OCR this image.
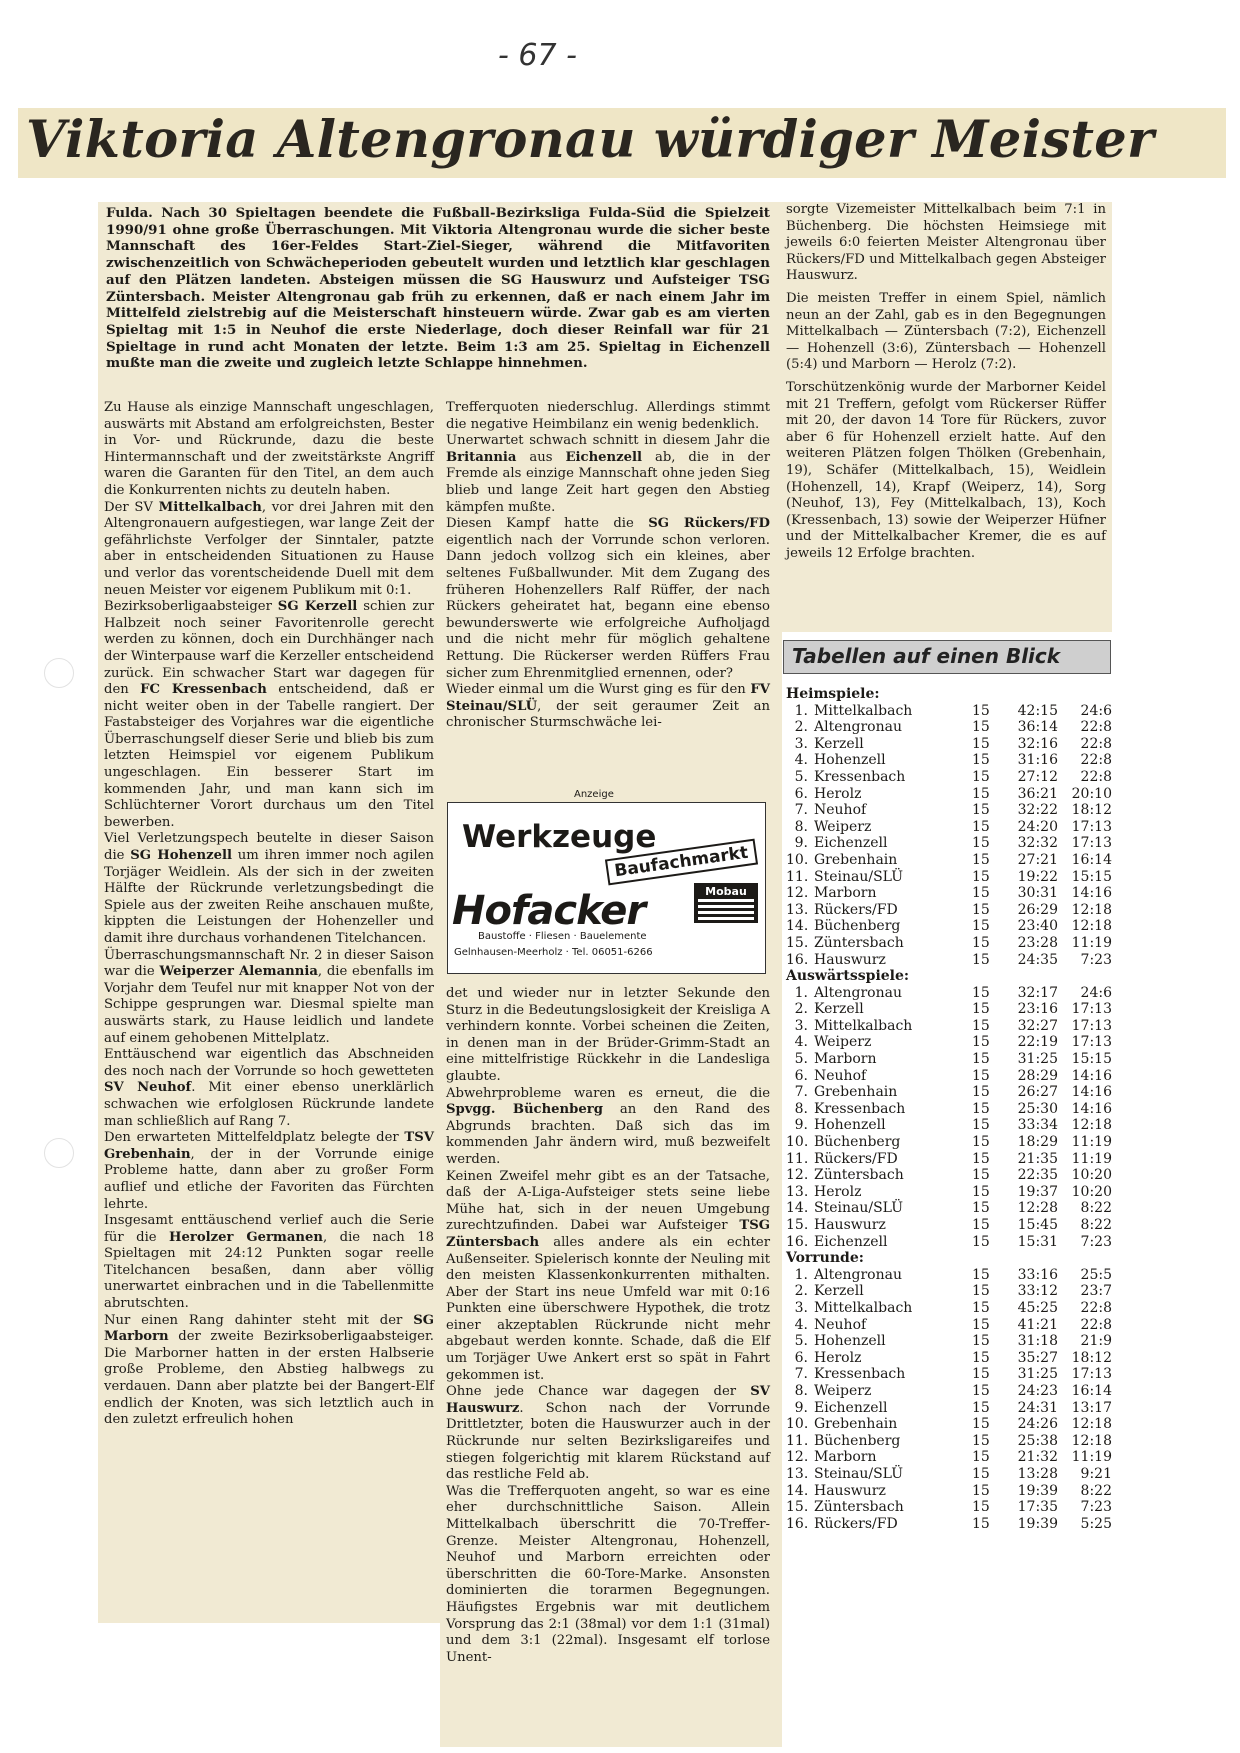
- 67 -
Viktoria Altengronau würdiger Meister

Fulda. Nach 30 Spieltagen beendete die Fußball-Bezirksliga Fulda-Süd die Spielzeit 1990/91 ohne große Überraschungen. Mit Viktoria Altengronau wurde die sicher beste Mannschaft des 16er-Feldes Start-Ziel-Sieger, während die Mitfavoriten zwischenzeitlich von Schwächeperioden gebeutelt wurden und letztlich klar geschlagen auf den Plätzen landeten. Absteigen müssen die SG Hauswurz und Aufsteiger TSG Züntersbach. Meister Altengronau gab früh zu erkennen, daß er nach einem Jahr im Mittelfeld zielstrebig auf die Meisterschaft hinsteuern würde. Zwar gab es am vierten Spieltag mit 1:5 in Neuhof die erste Niederlage, doch dieser Reinfall war für 21 Spieltage in rund acht Monaten der letzte. Beim 1:3 am 25. Spieltag in Eichenzell mußte man die zweite und zugleich letzte Schlappe hinnehmen.

Zu Hause als einzige Mannschaft ungeschlagen, auswärts mit Abstand am erfolgreichsten, Bester in Vor- und Rückrunde, dazu die beste Hintermannschaft und der zweitstärkste Angriff waren die Garanten für den Titel, an dem auch die Konkurrenten nichts zu deuteln haben.

Der SV Mittelkalbach, vor drei Jahren mit den Altengronauern aufgestiegen, war lange Zeit der gefährlichste Verfolger der Sinntaler, patzte aber in entscheidenden Situationen zu Hause und verlor das vorentscheidende Duell mit dem neuen Meister vor eigenem Publikum mit 0:1.

Bezirksoberligaabsteiger SG Kerzell schien zur Halbzeit noch seiner Favoritenrolle gerecht werden zu können, doch ein Durchhänger nach der Winterpause warf die Kerzeller entscheidend zurück. Ein schwacher Start war dagegen für den FC Kressenbach entscheidend, daß er nicht weiter oben in der Tabelle rangiert. Der Fastabsteiger des Vorjahres war die eigentliche Überraschungself dieser Serie und blieb bis zum letzten Heimspiel vor eigenem Publikum ungeschlagen. Ein besserer Start im kommenden Jahr, und man kann sich im Schlüchterner Vorort durchaus um den Titel bewerben.

Viel Verletzungspech beutelte in dieser Saison die SG Hohenzell um ihren immer noch agilen Torjäger Weidlein. Als der sich in der zweiten Hälfte der Rückrunde verletzungsbedingt die Spiele aus der zweiten Reihe anschauen mußte, kippten die Leistungen der Hohenzeller und damit ihre durchaus vorhandenen Titelchancen.

Überraschungsmannschaft Nr. 2 in dieser Saison war die Weiperzer Alemannia, die ebenfalls im Vorjahr dem Teufel nur mit knapper Not von der Schippe gesprungen war. Diesmal spielte man auswärts stark, zu Hause leidlich und landete auf einem gehobenen Mittelplatz.

Enttäuschend war eigentlich das Abschneiden des noch nach der Vorrunde so hoch gewetteten SV Neuhof. Mit einer ebenso unerklärlich schwachen wie erfolglosen Rückrunde landete man schließlich auf Rang 7.

Den erwarteten Mittelfeldplatz belegte der TSV Grebenhain, der in der Vorrunde einige Probleme hatte, dann aber zu großer Form auflief und etliche der Favoriten das Fürchten lehrte.

Insgesamt enttäuschend verlief auch die Serie für die Herolzer Germanen, die nach 18 Spieltagen mit 24:12 Punkten sogar reelle Titelchancen besaßen, dann aber völlig unerwartet einbrachen und in die Tabellenmitte abrutschten.

Nur einen Rang dahinter steht mit der SG Marborn der zweite Bezirksoberligaabsteiger. Die Marborner hatten in der ersten Halbserie große Probleme, den Abstieg halbwegs zu verdauen. Dann aber platzte bei der Bangert-Elf endlich der Knoten, was sich letztlich auch in den zuletzt erfreulich hohen

Trefferquoten niederschlug. Allerdings stimmt die negative Heimbilanz ein wenig bedenklich.

Unerwartet schwach schnitt in diesem Jahr die Britannia aus Eichenzell ab, die in der Fremde als einzige Mannschaft ohne jeden Sieg blieb und lange Zeit hart gegen den Abstieg kämpfen mußte.

Diesen Kampf hatte die SG Rückers/FD eigentlich nach der Vorrunde schon verloren. Dann jedoch vollzog sich ein kleines, aber seltenes Fußballwunder. Mit dem Zugang des früheren Hohenzellers Ralf Rüffer, der nach Rückers geheiratet hat, begann eine ebenso bewunderswerte wie erfolgreiche Aufholjagd und die nicht mehr für möglich gehaltene Rettung. Die Rückerser werden Rüffers Frau sicher zum Ehrenmitglied ernennen, oder?

Wieder einmal um die Wurst ging es für den FV Steinau/SLÜ, der seit geraumer Zeit an chronischer Sturmschwäche lei-

Anzeige
Werkzeuge
Baufachmarkt
Hofacker	Mobau
Baustoffe · Fliesen · Bauelemente
Gelnhausen-Meerholz · Tel. 06051-6266

det und wieder nur in letzter Sekunde den Sturz in die Bedeutungslosigkeit der Kreisliga A verhindern konnte. Vorbei scheinen die Zeiten, in denen man in der Brüder-Grimm-Stadt an eine mittelfristige Rückkehr in die Landesliga glaubte.

Abwehrprobleme waren es erneut, die die Spvgg. Büchenberg an den Rand des Abgrunds brachten. Daß sich das im kommenden Jahr ändern wird, muß bezweifelt werden.

Keinen Zweifel mehr gibt es an der Tatsache, daß der A-Liga-Aufsteiger stets seine liebe Mühe hat, sich in der neuen Umgebung zurechtzufinden. Dabei war Aufsteiger TSG Züntersbach alles andere als ein echter Außenseiter. Spielerisch konnte der Neuling mit den meisten Klassenkonkurrenten mithalten. Aber der Start ins neue Umfeld war mit 0:16 Punkten eine überschwere Hypothek, die trotz einer akzeptablen Rückrunde nicht mehr abgebaut werden konnte. Schade, daß die Elf um Torjäger Uwe Ankert erst so spät in Fahrt gekommen ist.

Ohne jede Chance war dagegen der SV Hauswurz. Schon nach der Vorrunde Drittletzter, boten die Hauswurzer auch in der Rückrunde nur selten Bezirksligareifes und stiegen folgerichtig mit klarem Rückstand auf das restliche Feld ab.

Was die Trefferquoten angeht, so war es eine eher durchschnittliche Saison. Allein Mittelkalbach überschritt die 70-Treffer-Grenze. Meister Altengronau, Hohenzell, Neuhof und Marborn erreichten oder überschritten die 60-Tore-Marke. Ansonsten dominierten die torarmen Begegnungen. Häufigstes Ergebnis war mit deutlichem Vorsprung das 2:1 (38mal) vor dem 1:1 (31mal) und dem 3:1 (22mal). Insgesamt elf torlose Unent-

sorgte Vizemeister Mittelkalbach beim 7:1 in Büchenberg. Die höchsten Heimsiege mit jeweils 6:0 feierten Meister Altengronau über Rückers/FD und Mittelkalbach gegen Absteiger Hauswurz.

Die meisten Treffer in einem Spiel, nämlich neun an der Zahl, gab es in den Begegnungen Mittelkalbach — Züntersbach (7:2), Eichenzell — Hohenzell (3:6), Züntersbach — Hohenzell (5:4) und Marborn — Herolz (7:2).

Torschützenkönig wurde der Marborner Keidel mit 21 Treffern, gefolgt vom Rückerser Rüffer mit 20, der davon 14 Tore für Rückers, zuvor aber 6 für Hohenzell erzielt hatte. Auf den weiteren Plätzen folgen Thölken (Grebenhain, 19), Schäfer (Mittelkalbach, 15), Weidlein (Hohenzell, 14), Krapf (Weiperz, 14), Sorg (Neuhof, 13), Fey (Mittelkalbach, 13), Koch (Kressenbach, 13) sowie der Weiperzer Hüfner und der Mittelkalbacher Kremer, die es auf jeweils 12 Erfolge brachten.

Tabellen auf einen Blick
Heimspiele:
1. Mittelkalbach	15	42:15	24:6
2. Altengronau	15	36:14	22:8
3. Kerzell	15	32:16	22:8
4. Hohenzell	15	31:16	22:8
5. Kressenbach	15	27:12	22:8
6. Herolz	15	36:21 20:10
7. Neuhof	15	32:22 18:12
8. Weiperz	15	24:20 17:13
9. Eichenzell	15	32:32 17:13
10. Grebenhain	15	27:21 16:14
11. Steinau/SLÜ	15	19:22 15:15
12. Marborn	15	30:31 14:16
13. Rückers/FD	15	26:29 12:18
14. Büchenberg	15	23:40 12:18
15. Züntersbach	15	23:28 11:19
16. Hauswurz	15	24:35	7:23
Auswärtsspiele:
1. Altengronau	15	32:17	24:6
2. Kerzell	15	23:16 17:13
3. Mittelkalbach	15	32:27 17:13
4. Weiperz	15	22:19 17:13
5. Marborn	15	31:25 15:15
6. Neuhof	15	28:29 14:16
7. Grebenhain	15	26:27 14:16
8. Kressenbach	15	25:30 14:16
9. Hohenzell	15	33:34 12:18
10. Büchenberg	15	18:29 11:19
11. Rückers/FD	15	21:35 11:19
12. Züntersbach	15	22:35 10:20
13. Herolz	15	19:37 10:20
14. Steinau/SLÜ	15	12:28	8:22
15. Hauswurz	15	15:45	8:22
16. Eichenzell	15	15:31	7:23
Vorrunde:
1. Altengronau	15	33:16	25:5
2. Kerzell	15	33:12	23:7
3. Mittelkalbach	15	45:25	22:8
4. Neuhof	15	41:21	22:8
5. Hohenzell	15	31:18	21:9
6. Herolz	15	35:27 18:12
7. Kressenbach	15	31:25 17:13
8. Weiperz	15	24:23 16:14
9. Eichenzell	15	24:31 13:17
10. Grebenhain	15	24:26 12:18
11. Büchenberg	15	25:38 12:18
12. Marborn	15	21:32 11:19
13. Steinau/SLÜ	15	13:28	9:21
14. Hauswurz	15	19:39	8:22
15. Züntersbach	15	17:35	7:23
16. Rückers/FD	15	19:39	5:25
